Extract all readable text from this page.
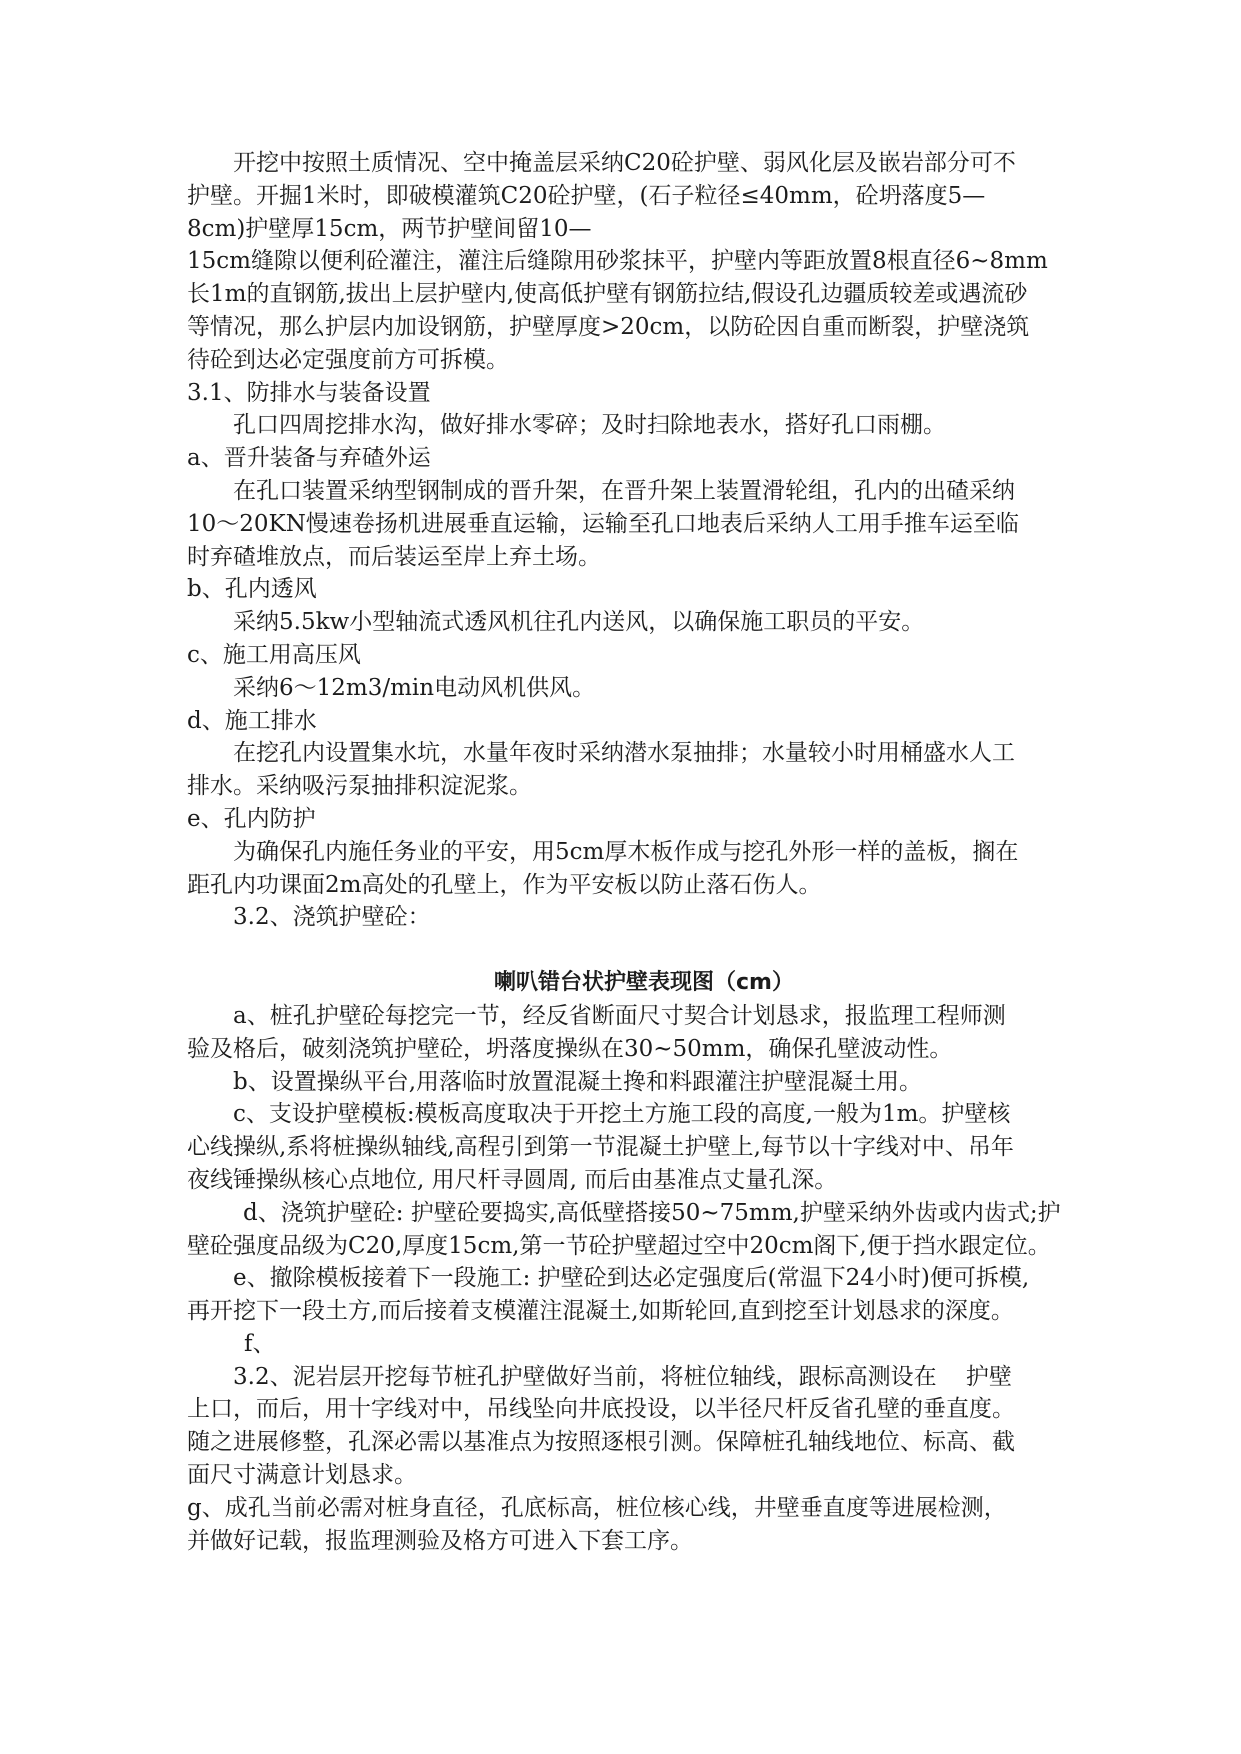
开挖中按照土质情况、空中掩盖层采纳C20砼护壁、弱风化层及嵌岩部分可不

护壁。开掘1米时，即破模灌筑C20砼护壁，(石子粒径≤40mm，砼坍落度5—

8cm)护壁厚15cm，两节护壁间留10—

15cm缝隙以便利砼灌注，灌注后缝隙用砂浆抹平，护壁内等距放置8根直径6~8mm

长1m的直钢筋,拔出上层护壁内,使高低护壁有钢筋拉结,假设孔边疆质较差或遇流砂

等情况，那么护层内加设钢筋，护壁厚度>20cm，以防砼因自重而断裂，护壁浇筑

待砼到达必定强度前方可拆模。

3.1、防排水与装备设置

孔口四周挖排水沟，做好排水零碎；及时扫除地表水，搭好孔口雨棚。

a、晋升装备与弃碴外运

在孔口装置采纳型钢制成的晋升架，在晋升架上装置滑轮组，孔内的出碴采纳

10～20KN慢速卷扬机进展垂直运输，运输至孔口地表后采纳人工用手推车运至临

时弃碴堆放点，而后装运至岸上弃土场。

b、孔内透风

采纳5.5kw小型轴流式透风机往孔内送风，以确保施工职员的平安。

c、施工用高压风

采纳6～12m3/min电动风机供风。

d、施工排水

在挖孔内设置集水坑，水量年夜时采纳潜水泵抽排；水量较小时用桶盛水人工

排水。采纳吸污泵抽排积淀泥浆。

e、孔内防护

为确保孔内施任务业的平安，用5cm厚木板作成与挖孔外形一样的盖板，搁在

距孔内功课面2m高处的孔壁上，作为平安板以防止落石伤人。

3.2、浇筑护壁砼：

喇叭错台状护壁表现图（cm）

a、桩孔护壁砼每挖完一节，经反省断面尺寸契合计划恳求，报监理工程师测

验及格后，破刻浇筑护壁砼，坍落度操纵在30~50mm，确保孔壁波动性。

b、设置操纵平台,用落临时放置混凝土搀和料跟灌注护壁混凝土用。

c、支设护壁模板:模板高度取决于开挖土方施工段的高度,一般为1m。护壁核

心线操纵,系将桩操纵轴线,高程引到第一节混凝土护壁上,每节以十字线对中、吊年

夜线锤操纵核心点地位, 用尺杆寻圆周, 而后由基准点丈量孔深。

d、浇筑护壁砼: 护壁砼要捣实,高低壁搭接50~75mm,护壁采纳外齿或内齿式;护

壁砼强度品级为C20,厚度15cm,第一节砼护壁超过空中20cm阁下,便于挡水跟定位。

e、撤除模板接着下一段施工: 护壁砼到达必定强度后(常温下24小时)便可拆模,

再开挖下一段土方,而后接着支模灌注混凝土,如斯轮回,直到挖至计划恳求的深度。

f、

3.2、泥岩层开挖每节桩孔护壁做好当前，将桩位轴线，跟标高测设在    护壁

上口，而后，用十字线对中，吊线坠向井底投设，以半径尺杆反省孔壁的垂直度。

随之进展修整，孔深必需以基准点为按照逐根引测。保障桩孔轴线地位、标高、截

面尺寸满意计划恳求。

g、成孔当前必需对桩身直径，孔底标高，桩位核心线，井壁垂直度等进展检测，

并做好记载，报监理测验及格方可进入下套工序。
